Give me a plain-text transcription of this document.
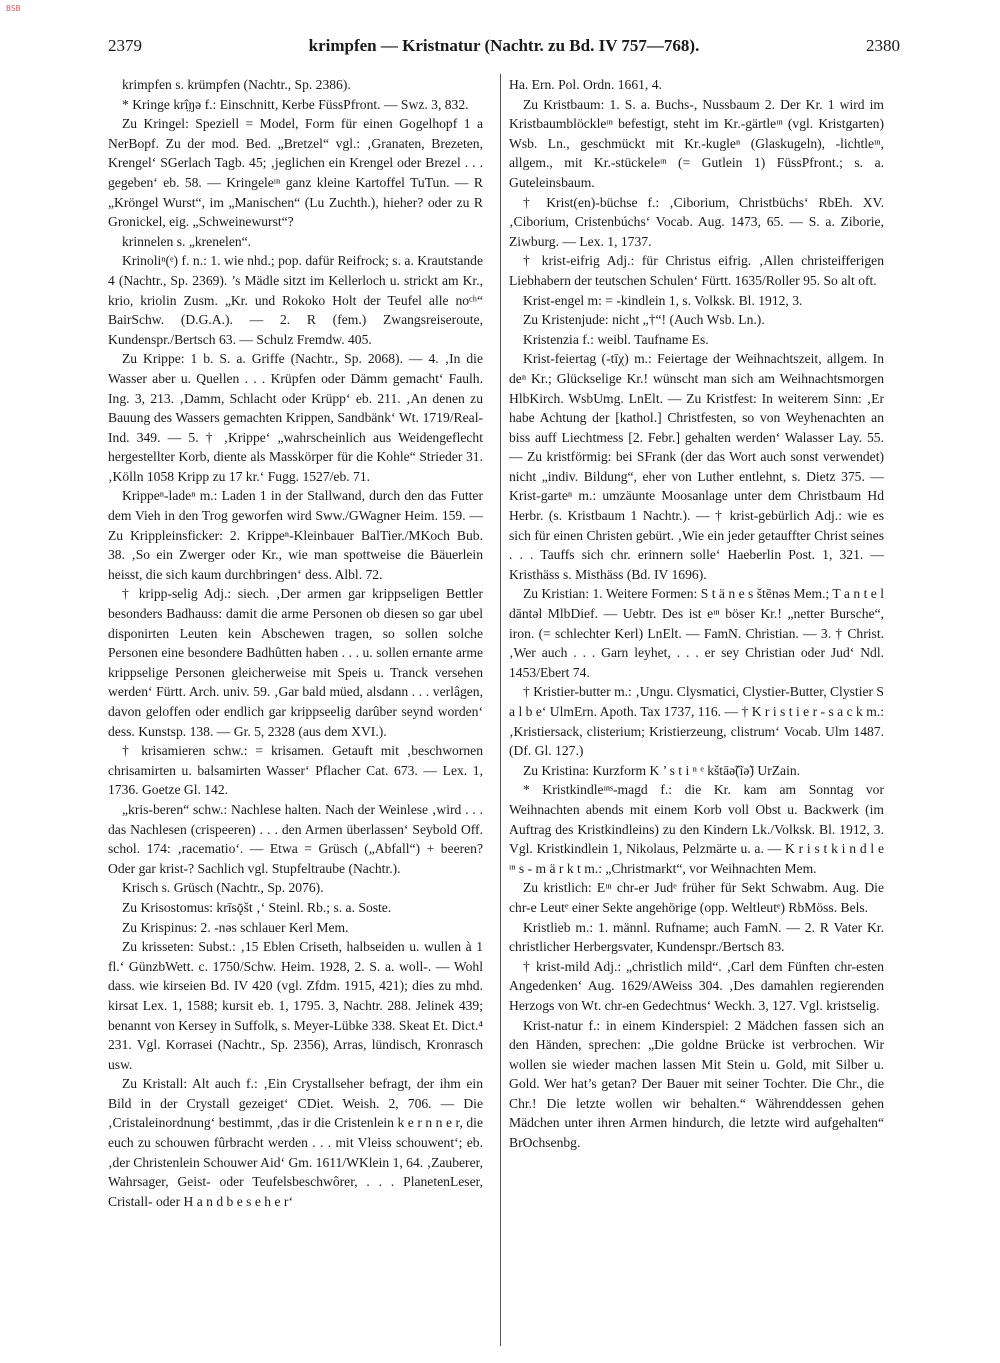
BSB
2379	krimpfen — Kristnatur (Nachtr. zu Bd. IV 757—768).	2380

krimpfen s. krümpfen (Nachtr., Sp. 2386).

* Kringe krî̤ŋə f.: Einschnitt, Kerbe FüssPfront. — Swz. 3, 832.

Zu Kringel: Speziell = Model, Form für einen Gogelhopf 1 a NerBopf. Zu der mod. Bed. „Bretzel“ vgl.: ‚Granaten, Brezeten, Krengel‘ SGerlach Tagb. 45; ‚jeglichen ein Krengel oder Brezel . . . gegeben‘ eb. 58. — Kringeleᶦⁿ ganz kleine Kartoffel TuTun. — R „Kröngel Wurst“, im „Manischen“ (Lu Zuchth.), hieher? oder zu R Gronickel, eig. „Schweinewurst“?

krinnelen s. „krenelen“.

Krinoliⁿ(ᵉ) f. n.: 1. wie nhd.; pop. dafür Reifrock; s. a. Krautstande 4 (Nachtr., Sp. 2369). ’s Mädle sitzt im Kellerloch u. strickt am Kr., krio, kriolin Zusm. „Kr. und Rokoko Holt der Teufel alle noᶜʰ“ BairSchw. (D.G.A.). — 2. R (fem.) Zwangsreiseroute, Kundenspr./Bertsch 63. — Schulz Fremdw. 405.

Zu Krippe: 1 b. S. a. Griffe (Nachtr., Sp. 2068). — 4. ‚In die Wasser aber u. Quellen . . . Krüpfen oder Dämm gemacht‘ Faulh. Ing. 3, 213. ‚Damm, Schlacht oder Krüpp‘ eb. 211. ‚An denen zu Bauung des Wassers gemachten Krippen, Sandbänk‘ Wt. 1719/Real-Ind. 349. — 5. † ‚Krippe‘ „wahrscheinlich aus Weidengeflecht hergestellter Korb, diente als Masskörper für die Kohle“ Strieder 31. ‚Kölln 1058 Kripp zu 17 kr.‘ Fugg. 1527/eb. 71.

Krippeⁿ-ladeⁿ m.: Laden 1 in der Stallwand, durch den das Futter dem Vieh in den Trog geworfen wird Sww./GWagner Heim. 159. — Zu Krippleinsficker: 2. Krippeⁿ-Kleinbauer BalTier./MKoch Bub. 38. ‚So ein Zwerger oder Kr., wie man spottweise die Bäuerlein heisst, die sich kaum durchbringen‘ dess. Albl. 72.

† kripp-selig Adj.: siech. ‚Der armen gar krippseligen Bettler besonders Badhauss: damit die arme Personen ob diesen so gar ubel disponirten Leuten kein Abschewen tragen, so sollen solche Personen eine besondere Badhûtten haben . . . u. sollen ernante arme krippselige Personen gleicherweise mit Speis u. Tranck versehen werden‘ Fürtt. Arch. univ. 59. ‚Gar bald müed, alsdann . . . verlâgen, davon geloffen oder endlich gar krippseelig darûber seynd worden‘ dess. Kunstsp. 138. — Gr. 5, 2328 (aus dem XVI.).

† krisamieren schw.: = krisamen. Getauft mit ‚beschwornen chrisamirten u. balsamirten Wasser‘ Pflacher Cat. 673. — Lex. 1, 1736. Goetze Gl. 142.

„kris-beren“ schw.: Nachlese halten. Nach der Weinlese ‚wird . . . das Nachlesen (crispeeren) . . . den Armen überlassen‘ Seybold Off. schol. 174: ‚racematio‘. — Etwa = Grüsch („Abfall“) + beeren? Oder gar krist-? Sachlich vgl. Stupfeltraube (Nachtr.).

Krisch s. Grüsch (Nachtr., Sp. 2076).

Zu Krisostomus: krīsǭšt ‚‘ Steinl. Rb.; s. a. Soste.

Zu Krispinus: 2. -nəs schlauer Kerl Mem.

Zu krisseten: Subst.: ‚15 Eblen Criseth, halbseiden u. wullen à 1 fl.‘ GünzbWett. c. 1750/Schw. Heim. 1928, 2. S. a. woll-. — Wohl dass. wie kirseien Bd. IV 420 (vgl. Zfdm. 1915, 421); dies zu mhd. kirsat Lex. 1, 1588; kursit eb. 1, 1795. 3, Nachtr. 288. Jelinek 439; benannt von Kersey in Suffolk, s. Meyer-Lübke 338. Skeat Et. Dict.⁴ 231. Vgl. Korrasei (Nachtr., Sp. 2356), Arras, lündisch, Kronrasch usw.

Zu Kristall: Alt auch f.: ‚Ein Crystallseher befragt, der ihm ein Bild in der Crystall gezeiget‘ CDiet. Weish. 2, 706. — Die ‚Cristaleinordnung‘ bestimmt, ‚das ir die Cristenlein k e r n n e r, die euch zu schouwen fûrbracht werden . . . mit Vleiss schouwent‘; eb. ‚der Christenlein Schouwer Aid‘ Gm. 1611/WKlein 1, 64. ‚Zauberer, Wahrsager, Geist- oder Teufelsbeschwôrer, . . . PlanetenLeser, Cristall- oder H a n d b e s e h e r‘

Ha. Ern. Pol. Ordn. 1661, 4.

Zu Kristbaum: 1. S. a. Buchs-, Nussbaum 2. Der Kr. 1 wird im Kristbaumblöckleᶦⁿ befestigt, steht im Kr.-gärtleᶦⁿ (vgl. Kristgarten) Wsb. Ln., geschmückt mit Kr.-kugleⁿ (Glaskugeln), -lichtleᶦⁿ, allgem., mit Kr.-stückeleᶦⁿ (= Gutlein 1) FüssPfront.; s. a. Guteleinsbaum.

† Krist(en)-büchse f.: ‚Ciborium, Christbüchs‘ RbEh. XV. ‚Ciborium, Cristenbúchs‘ Vocab. Aug. 1473, 65. — S. a. Ziborie, Ziwburg. — Lex. 1, 1737.

† krist-eifrig Adj.: für Christus eifrig. ‚Allen christeifferigen Liebhabern der teutschen Schulen‘ Fürtt. 1635/Roller 95. So alt oft.

Krist-engel m: = -kindlein 1, s. Volksk. Bl. 1912, 3.

Zu Kristenjude: nicht „†“! (Auch Wsb. Ln.).

Kristenzia f.: weibl. Taufname Es.

Krist-feiertag (-tīχ) m.: Feiertage der Weihnachtszeit, allgem. In deⁿ Kr.; Glückselige Kr.! wünscht man sich am Weihnachtsmorgen HlbKirch. WsbUmg. LnElt. — Zu Kristfest: In weiterem Sinn: ‚Er habe Achtung der [kathol.] Christfesten, so von Weyhenachten an biss auff Liechtmess [2. Febr.] gehalten werden‘ Walasser Lay. 55. — Zu kristförmig: bei SFrank (der das Wort auch sonst verwendet) nicht „indiv. Bildung“, eher von Luther entlehnt, s. Dietz 375. — Krist-garteⁿ m.: umzäunte Moosanlage unter dem Christbaum Hd Herbr. (s. Kristbaum 1 Nachtr.). — † krist-gebürlich Adj.: wie es sich für einen Christen gebürt. ‚Wie ein jeder getauffter Christ seines . . . Tauffs sich chr. erinnern solle‘ Haeberlin Post. 1, 321. — Kristhäss s. Misthäss (Bd. IV 1696).

Zu Kristian: 1. Weitere Formen: S t ä n e s štēnəs Mem.; T a n t e l dāntəl MlbDief. — Uebtr. Des ist eᶦⁿ böser Kr.! „netter Bursche“, iron. (= schlechter Kerl) LnElt. — FamN. Christian. — 3. † Christ. ‚Wer auch . . . Garn leyhet, . . . er sey Christian oder Jud‘ Ndl. 1453/Ebert 74.

† Kristier-butter m.: ‚Ungu. Clysmatici, Clystier-Butter, Clystier S a l b e‘ UlmErn. Apoth. Tax 1737, 116. — † K r i s t i e r - s a c k m.: ‚Kristiersack, clisterium; Kristierzeung, clistrum‘ Vocab. Ulm 1487. (Df. Gl. 127.)

Zu Kristina: Kurzform K ’ s t i ⁿ ᵉ kštāə̃(ĩə̃) UrZain.

* Kristkindleᶦⁿˢ-magd f.: die Kr. kam am Sonntag vor Weihnachten abends mit einem Korb voll Obst u. Backwerk (im Auftrag des Kristkindleins) zu den Kindern Lk./Volksk. Bl. 1912, 3. Vgl. Kristkindlein 1, Nikolaus, Pelzmärte u. a. — K r i s t k i n d l e ᶦⁿ s - m ä r k t m.: „Christmarkt“, vor Weihnachten Mem.

Zu kristlich: Eᶦⁿ chr-er Judᵉ früher für Sekt Schwabm. Aug. Die chr-e Leutᵉ einer Sekte angehörige (opp. Weltleutᵉ) RbMöss. Bels.

Kristlieb m.: 1. männl. Rufname; auch FamN. — 2. R Vater Kr. christlicher Herbergsvater, Kundenspr./Bertsch 83.

† krist-mild Adj.: „christlich mild“. ‚Carl dem Fünften chr-esten Angedenken‘ Aug. 1629/AWeiss 304. ‚Des damahlen regierenden Herzogs von Wt. chr-en Gedechtnus‘ Weckh. 3, 127. Vgl. kristselig.

Krist-natur f.: in einem Kinderspiel: 2 Mädchen fassen sich an den Händen, sprechen: „Die goldne Brücke ist verbrochen. Wir wollen sie wieder machen lassen Mit Stein u. Gold, mit Silber u. Gold. Wer hat’s getan? Der Bauer mit seiner Tochter. Die Chr., die Chr.! Die letzte wollen wir behalten.“ Währenddessen gehen Mädchen unter ihren Armen hindurch, die letzte wird aufgehalten“ BrOchsenbg.
